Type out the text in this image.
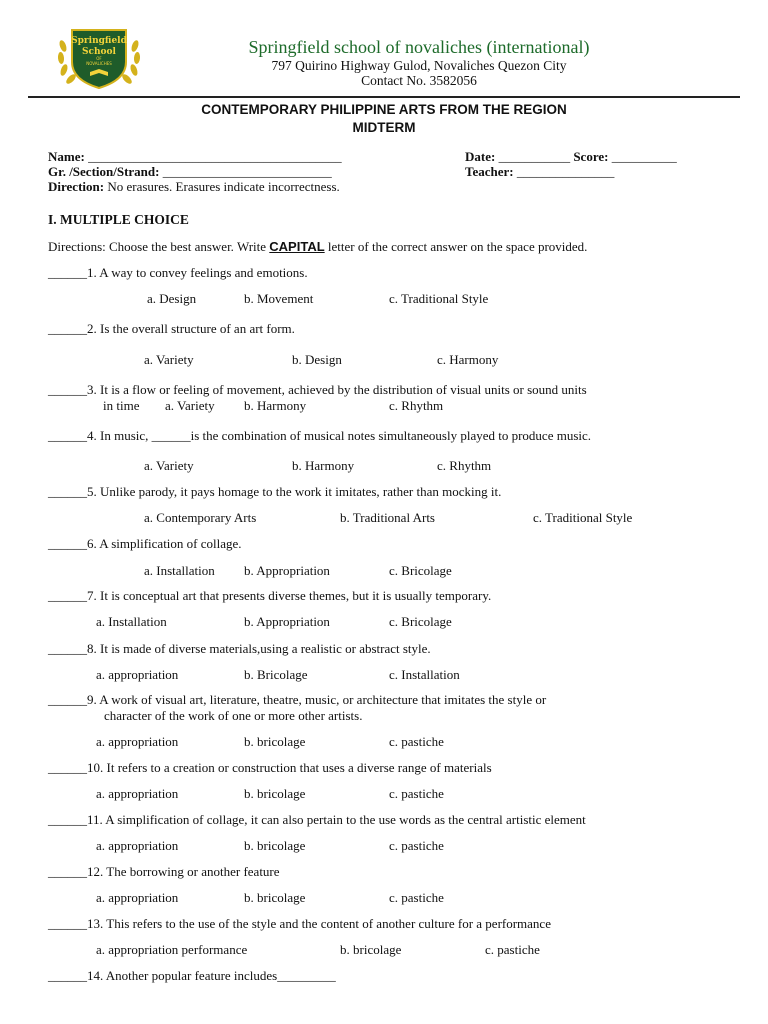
Springfield
School
OF
NOVALICHES
Springfield school of novaliches (international)
797 Quirino Highway Gulod, Novaliches Quezon City
Contact No. 3582056
CONTEMPORARY PHILIPPINE ARTS FROM THE REGION
MIDTERM
Name: _______________________________________	Date: ___________ Score: __________
Gr. /Section/Strand: __________________________	Teacher: _______________
Direction: No erasures. Erasures indicate incorrectness.
I. MULTIPLE CHOICE
Directions: Choose the best answer. Write CAPITAL letter of the correct answer on the space provided.
______1. A way to convey feelings and emotions.
a. Design	b. Movement	c. Traditional Style
______2. Is the overall structure of an art form.
a. Variety	b. Design	c. Harmony
______3. It is a flow or feeling of movement, achieved by the distribution of visual units or sound units
in time a. Variety b. Harmony	c. Rhythm
______4. In music, ______is the combination of musical notes simultaneously played to produce music.
a. Variety	b. Harmony	c. Rhythm
______5. Unlike parody, it pays homage to the work it imitates, rather than mocking it.
a. Contemporary Arts	b. Traditional Arts	c. Traditional Style
______6. A simplification of collage.
a. Installation b. Appropriation	c. Bricolage
______7. It is conceptual art that presents diverse themes, but it is usually temporary.
a. Installation	b. Appropriation	c. Bricolage
______8. It is made of diverse materials,using a realistic or abstract style.
a. appropriation	b. Bricolage	c. Installation
______9. A work of visual art, literature, theatre, music, or architecture that imitates the style or
character of the work of one or more other artists.
a. appropriation	b. bricolage	c. pastiche
______10. It refers to a creation or construction that uses a diverse range of materials
a. appropriation	b. bricolage	c. pastiche
______11. A simplification of collage, it can also pertain to the use words as the central artistic element
a. appropriation	b. bricolage	c. pastiche
______12. The borrowing or another feature
a. appropriation	b. bricolage	c. pastiche
______13. This refers to the use of the style and the content of another culture for a performance
a. appropriation performance	b. bricolage	c. pastiche
______14. Another popular feature includes_________
